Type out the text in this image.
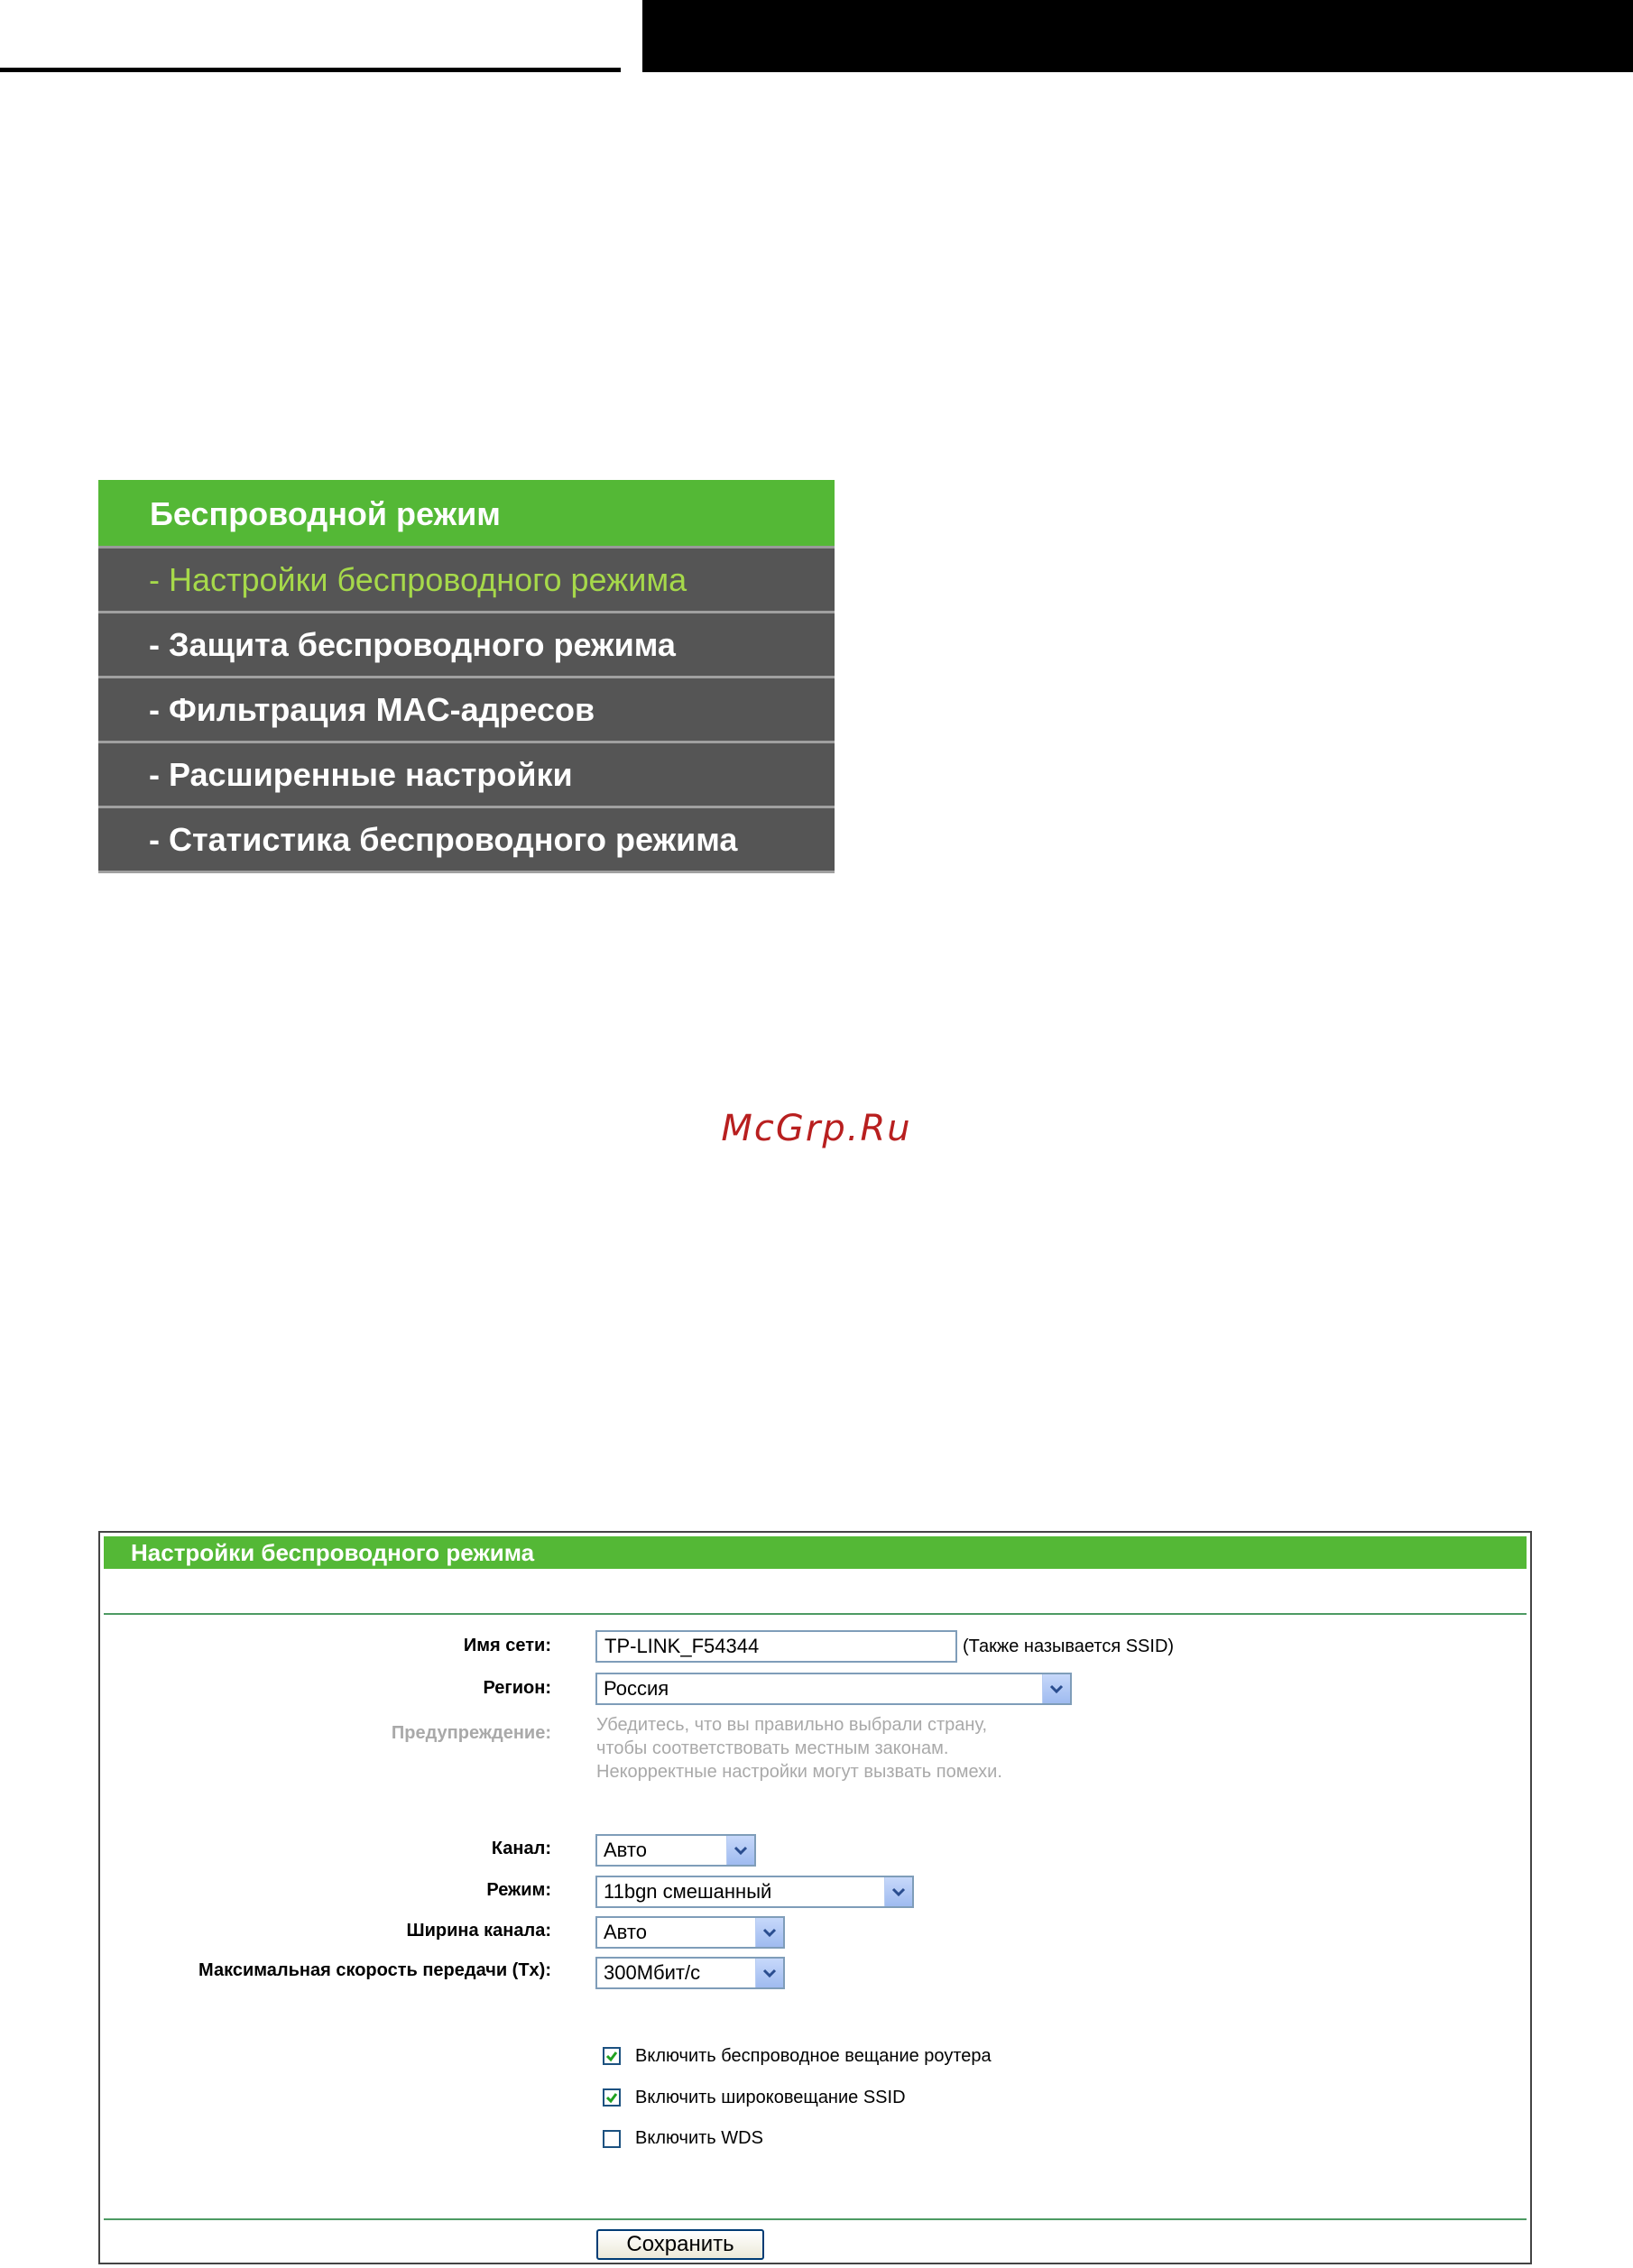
Беспроводной режим
- Настройки беспроводного режима
- Защита беспроводного режима
- Фильтрация MAC-адресов
- Расширенные настройки
- Статистика беспроводного режима
McGrp.Ru
Настройки беспроводного режима
Имя сети:	TP-LINK_F54344	(Также называется SSID)
Регион:	Россия
Предупреждение:	Убедитесь, что вы правильно выбрали страну,
чтобы соответствовать местным законам.
Некорректные настройки могут вызвать помехи.
Канал:	Авто
Режим:	11bgn смешанный
Ширина канала:	Авто
Максимальная скорость передачи (Tx):	300Мбит/с
Включить беспроводное вещание роутера
Включить широковещание SSID
Включить WDS
Сохранить
